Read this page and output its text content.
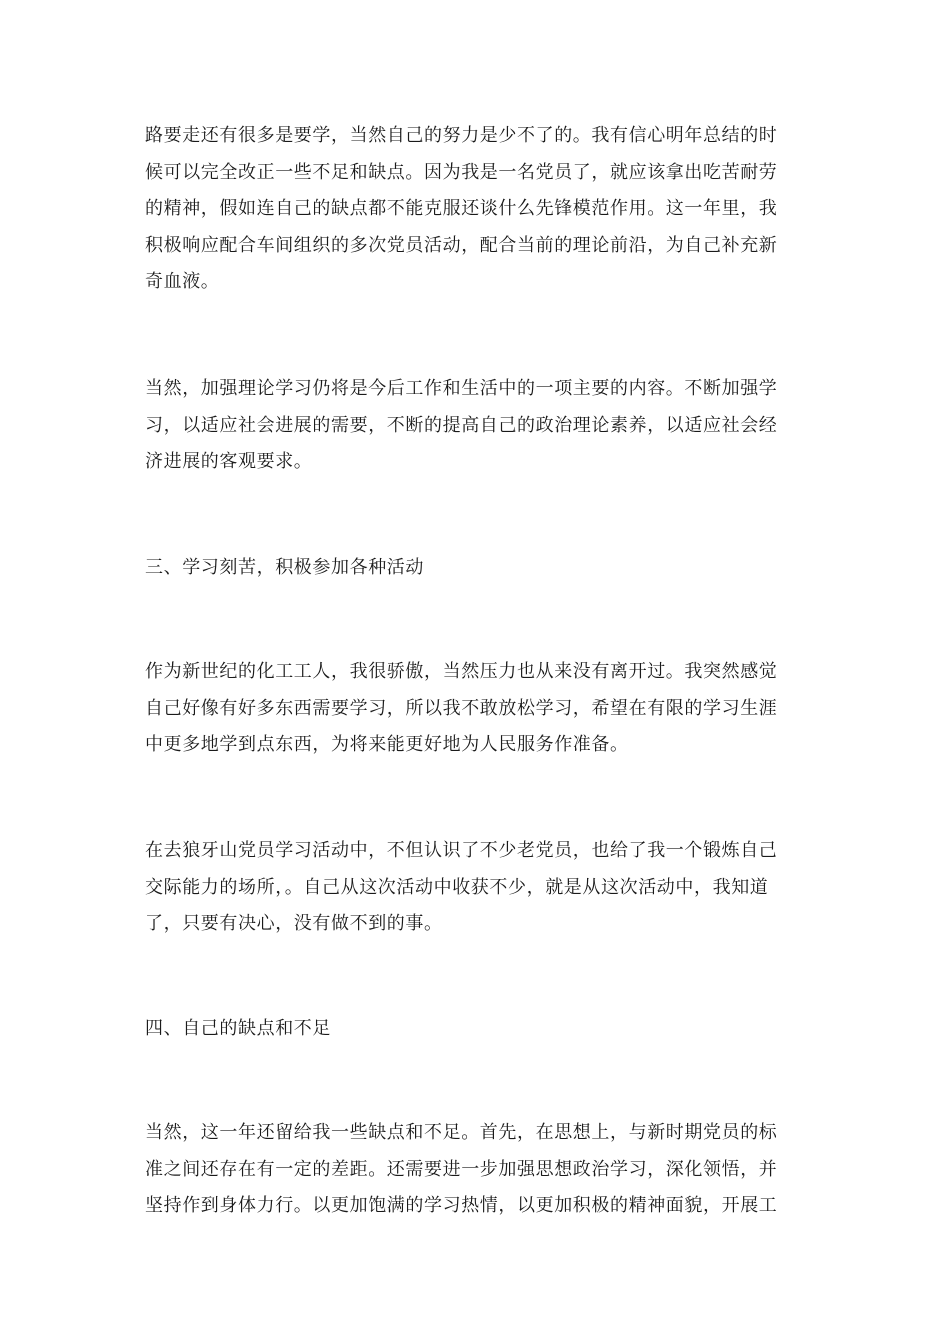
路要走还有很多是要学，当然自己的努力是少不了的。我有信心明年总结的时
候可以完全改正一些不足和缺点。因为我是一名党员了，就应该拿出吃苦耐劳
的精神，假如连自己的缺点都不能克服还谈什么先锋模范作用。这一年里，我
积极响应配合车间组织的多次党员活动，配合当前的理论前沿，为自己补充新
奇血液。

当然，加强理论学习仍将是今后工作和生活中的一项主要的内容。不断加强学
习，以适应社会进展的需要，不断的提高自己的政治理论素养，以适应社会经
济进展的客观要求。

三、学习刻苦，积极参加各种活动

作为新世纪的化工工人，我很骄傲，当然压力也从来没有离开过。我突然感觉
自己好像有好多东西需要学习，所以我不敢放松学习，希望在有限的学习生涯
中更多地学到点东西，为将来能更好地为人民服务作准备。

在去狼牙山党员学习活动中，不但认识了不少老党员，也给了我一个锻炼自己
交际能力的场所，。自己从这次活动中收获不少，就是从这次活动中，我知道
了，只要有决心，没有做不到的事。

四、自己的缺点和不足

当然，这一年还留给我一些缺点和不足。首先，在思想上，与新时期党员的标
准之间还存在有一定的差距。还需要进一步加强思想政治学习，深化领悟，并
坚持作到身体力行。以更加饱满的学习热情，以更加积极的精神面貌，开展工
